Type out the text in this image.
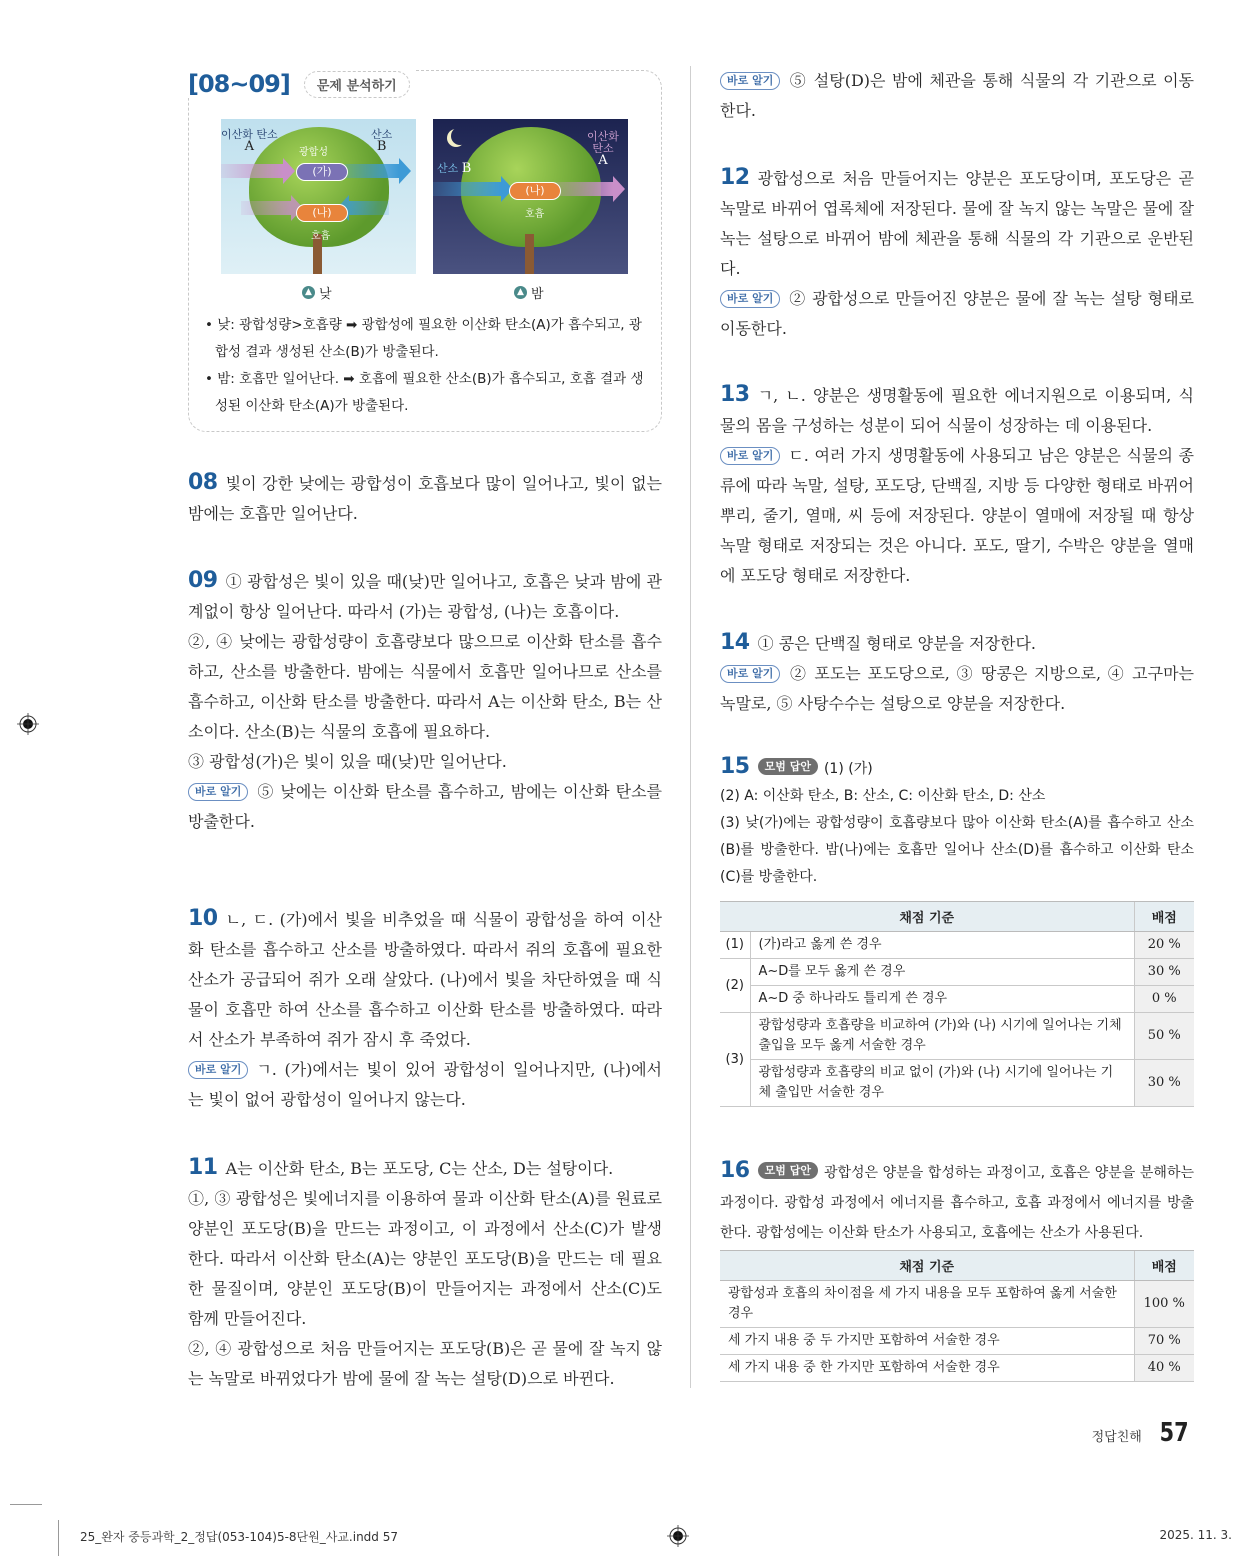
[08~09]	문제 분석하기
이산화 탄소
A
산소
B
광합성
(가)
(나)
호흡
산소 B
이산화 탄소
A
(나)
호흡
▲ 낮	▲ 밤
• 낮: 광합성량>호흡량 ➡ 광합성에 필요한 이산화 탄소(A)가 흡수되고, 광합성 결과 생성된 산소(B)가 방출된다.
• 밤: 호흡만 일어난다. ➡ 호흡에 필요한 산소(B)가 흡수되고, 호흡 결과 생성된 이산화 탄소(A)가 방출된다.

08 빛이 강한 낮에는 광합성이 호흡보다 많이 일어나고, 빛이 없는 밤에는 호흡만 일어난다.

09 ① 광합성은 빛이 있을 때(낮)만 일어나고, 호흡은 낮과 밤에 관계없이 항상 일어난다. 따라서 (가)는 광합성, (나)는 호흡이다.

②, ④ 낮에는 광합성량이 호흡량보다 많으므로 이산화 탄소를 흡수하고, 산소를 방출한다. 밤에는 식물에서 호흡만 일어나므로 산소를 흡수하고, 이산화 탄소를 방출한다. 따라서 A는 이산화 탄소, B는 산소이다. 산소(B)는 식물의 호흡에 필요하다.

③ 광합성(가)은 빛이 있을 때(낮)만 일어난다.

바로 알기 ⑤ 낮에는 이산화 탄소를 흡수하고, 밤에는 이산화 탄소를 방출한다.

10 ㄴ, ㄷ. (가)에서 빛을 비추었을 때 식물이 광합성을 하여 이산화 탄소를 흡수하고 산소를 방출하였다. 따라서 쥐의 호흡에 필요한 산소가 공급되어 쥐가 오래 살았다. (나)에서 빛을 차단하였을 때 식물이 호흡만 하여 산소를 흡수하고 이산화 탄소를 방출하였다. 따라서 산소가 부족하여 쥐가 잠시 후 죽었다.

바로 알기 ㄱ. (가)에서는 빛이 있어 광합성이 일어나지만, (나)에서는 빛이 없어 광합성이 일어나지 않는다.

11 A는 이산화 탄소, B는 포도당, C는 산소, D는 설탕이다.

①, ③ 광합성은 빛에너지를 이용하여 물과 이산화 탄소(A)를 원료로 양분인 포도당(B)을 만드는 과정이고, 이 과정에서 산소(C)가 발생한다. 따라서 이산화 탄소(A)는 양분인 포도당(B)을 만드는 데 필요한 물질이며, 양분인 포도당(B)이 만들어지는 과정에서 산소(C)도 함께 만들어진다.

②, ④ 광합성으로 처음 만들어지는 포도당(B)은 곧 물에 잘 녹지 않는 녹말로 바뀌었다가 밤에 물에 잘 녹는 설탕(D)으로 바뀐다.

바로 알기 ⑤ 설탕(D)은 밤에 체관을 통해 식물의 각 기관으로 이동한다.

12 광합성으로 처음 만들어지는 양분은 포도당이며, 포도당은 곧 녹말로 바뀌어 엽록체에 저장된다. 물에 잘 녹지 않는 녹말은 물에 잘 녹는 설탕으로 바뀌어 밤에 체관을 통해 식물의 각 기관으로 운반된다.

바로 알기 ② 광합성으로 만들어진 양분은 물에 잘 녹는 설탕 형태로 이동한다.

13 ㄱ, ㄴ. 양분은 생명활동에 필요한 에너지원으로 이용되며, 식물의 몸을 구성하는 성분이 되어 식물이 성장하는 데 이용된다.

바로 알기 ㄷ. 여러 가지 생명활동에 사용되고 남은 양분은 식물의 종류에 따라 녹말, 설탕, 포도당, 단백질, 지방 등 다양한 형태로 바뀌어 뿌리, 줄기, 열매, 씨 등에 저장된다. 양분이 열매에 저장될 때 항상 녹말 형태로 저장되는 것은 아니다. 포도, 딸기, 수박은 양분을 열매에 포도당 형태로 저장한다.

14 ① 콩은 단백질 형태로 양분을 저장한다.

바로 알기 ② 포도는 포도당으로, ③ 땅콩은 지방으로, ④ 고구마는 녹말로, ⑤ 사탕수수는 설탕으로 양분을 저장한다.

15 모범 답안 (1) (가)

(2) A: 이산화 탄소, B: 산소, C: 이산화 탄소, D: 산소

(3) 낮(가)에는 광합성량이 호흡량보다 많아 이산화 탄소(A)를 흡수하고 산소(B)를 방출한다. 밤(나)에는 호흡만 일어나 산소(D)를 흡수하고 이산화 탄소(C)를 방출한다.

채점 기준		배점
(1)	(가)라고 옳게 쓴 경우	20 %
(2)	A~D를 모두 옳게 쓴 경우	30 %
	A~D 중 하나라도 틀리게 쓴 경우	0 %
(3)	광합성량과 호흡량을 비교하여 (가)와 (나) 시기에 일어나는 기체 출입을 모두 옳게 서술한 경우	50 %
	광합성량과 호흡량의 비교 없이 (가)와 (나) 시기에 일어나는 기체 출입만 서술한 경우	30 %

16 모범 답안 광합성은 양분을 합성하는 과정이고, 호흡은 양분을 분해하는 과정이다. 광합성 과정에서 에너지를 흡수하고, 호흡 과정에서 에너지를 방출한다. 광합성에는 이산화 탄소가 사용되고, 호흡에는 산소가 사용된다.

채점 기준	배점
광합성과 호흡의 차이점을 세 가지 내용을 모두 포함하여 옳게 서술한 경우	100 %
세 가지 내용 중 두 가지만 포함하여 서술한 경우	70 %
세 가지 내용 중 한 가지만 포함하여 서술한 경우	40 %
정답친해 57
25_완자 중등과학_2_정답(053-104)5-8단원_사교.indd 57	2025. 11. 3.
